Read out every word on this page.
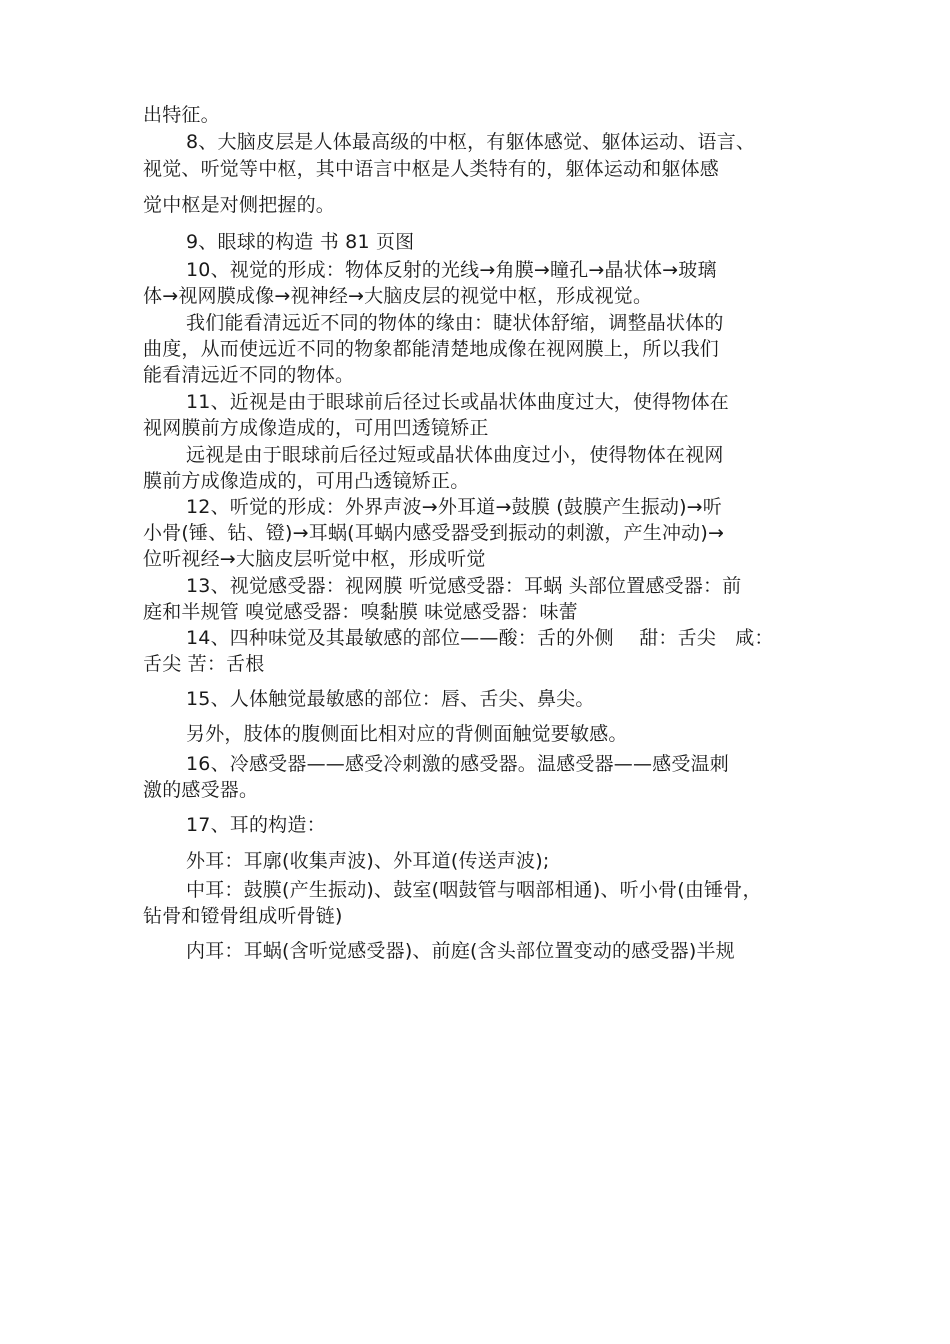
出特征。

8、大脑皮层是人体最高级的中枢，有躯体感觉、躯体运动、语言、

视觉、听觉等中枢，其中语言中枢是人类特有的，躯体运动和躯体感

觉中枢是对侧把握的。

9、眼球的构造 书 81 页图

10、视觉的形成：物体反射的光线→角膜→瞳孔→晶状体→玻璃

体→视网膜成像→视神经→大脑皮层的视觉中枢，形成视觉。

我们能看清远近不同的物体的缘由：睫状体舒缩，调整晶状体的

曲度，从而使远近不同的物象都能清楚地成像在视网膜上，所以我们

能看清远近不同的物体。

11、近视是由于眼球前后径过长或晶状体曲度过大，使得物体在

视网膜前方成像造成的，可用凹透镜矫正

远视是由于眼球前后径过短或晶状体曲度过小，使得物体在视网

膜前方成像造成的，可用凸透镜矫正。

12、听觉的形成：外界声波→外耳道→鼓膜 (鼓膜产生振动)→听

小骨(锤、钻、镫)→耳蜗(耳蜗内感受器受到振动的刺激，产生冲动)→

位听视经→大脑皮层听觉中枢，形成听觉

13、视觉感受器：视网膜 听觉感受器：耳蜗 头部位置感受器：前

庭和半规管 嗅觉感受器：嗅黏膜 味觉感受器：味蕾

14、四种味觉及其最敏感的部位——酸：舌的外侧　 甜：舌尖　咸：

舌尖 苦：舌根

15、人体触觉最敏感的部位：唇、舌尖、鼻尖。

另外，肢体的腹侧面比相对应的背侧面触觉要敏感。

16、冷感受器——感受冷刺激的感受器。温感受器——感受温刺

激的感受器。

17、耳的构造：

外耳：耳廓(收集声波)、外耳道(传送声波);

中耳：鼓膜(产生振动)、鼓室(咽鼓管与咽部相通)、听小骨(由锤骨，

钻骨和镫骨组成听骨链)

内耳：耳蜗(含听觉感受器)、前庭(含头部位置变动的感受器)半规
